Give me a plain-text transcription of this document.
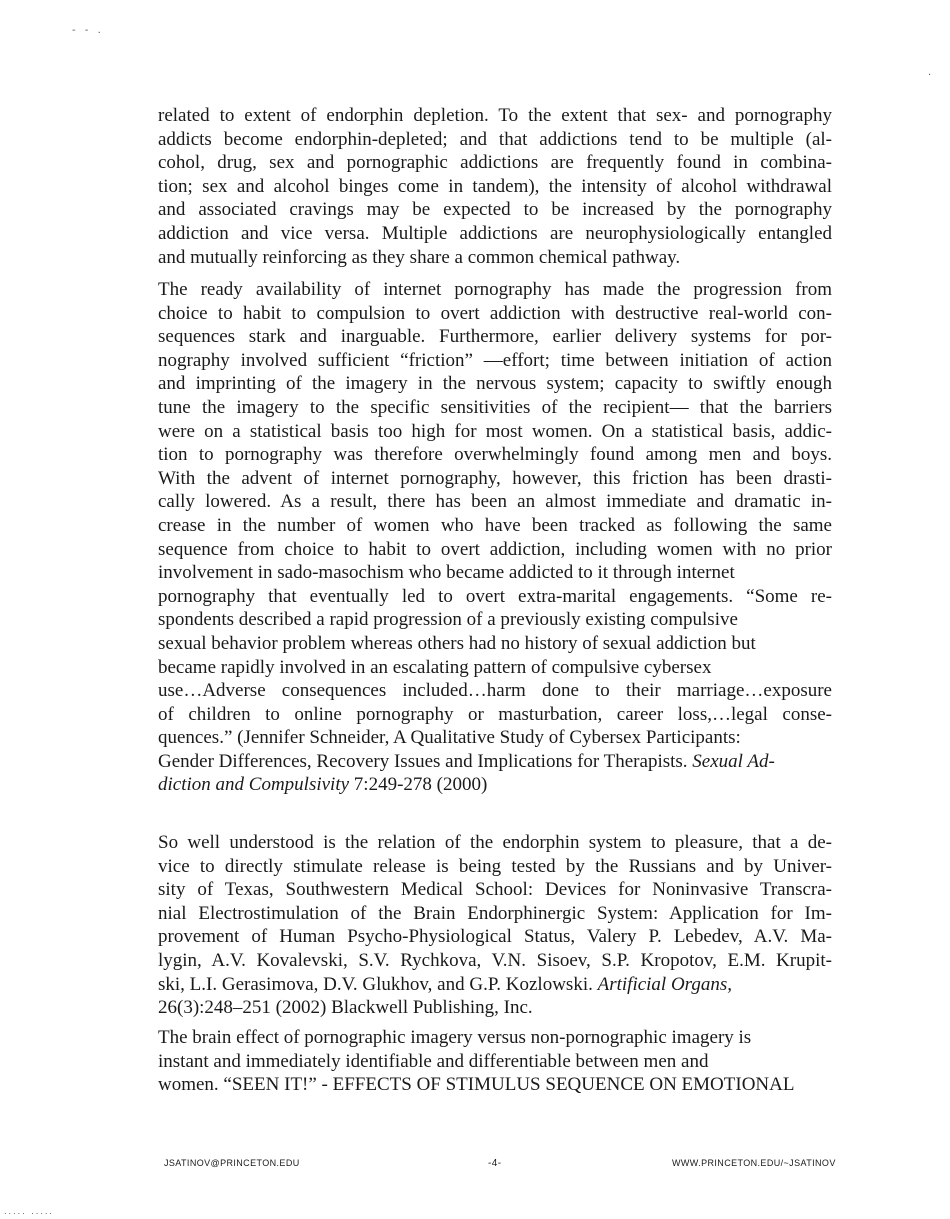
‐ ‐ .
.
..... .....

related to extent of endorphin depletion. To the extent that sex- and pornography
addicts become endorphin-depleted; and that addictions tend to be multiple (al-
cohol, drug, sex and pornographic addictions are frequently found in combina-
tion; sex and alcohol binges come in tandem), the intensity of alcohol withdrawal
and associated cravings may be expected to be increased by the pornography
addiction and vice versa. Multiple addictions are neurophysiologically entangled
and mutually reinforcing as they share a common chemical pathway.

The ready availability of internet pornography has made the progression from
choice to habit to compulsion to overt addiction with destructive real-world con-
sequences stark and inarguable. Furthermore, earlier delivery systems for por-
nography involved sufficient “friction” —effort; time between initiation of action
and imprinting of the imagery in the nervous system; capacity to swiftly enough
tune the imagery to the specific sensitivities of the recipient— that the barriers
were on a statistical basis too high for most women. On a statistical basis, addic-
tion to pornography was therefore overwhelmingly found among men and boys.
With the advent of internet pornography, however, this friction has been drasti-
cally lowered. As a result, there has been an almost immediate and dramatic in-
crease in the number of women who have been tracked as following the same
sequence from choice to habit to overt addiction, including women with no prior
involvement in sado-masochism who became addicted to it through internet
pornography that eventually led to overt extra-marital engagements. “Some re-
spondents described a rapid progression of a previously existing compulsive
sexual behavior problem whereas others had no history of sexual addiction but
became rapidly involved in an escalating pattern of compulsive cybersex
use…Adverse consequences included…harm done to their marriage…exposure
of children to online pornography or masturbation, career loss,…legal conse-
quences.” (Jennifer Schneider, A Qualitative Study of Cybersex Participants:
Gender Differences, Recovery Issues and Implications for Therapists. Sexual Ad-
diction and Compulsivity 7:249-278 (2000)

So well understood is the relation of the endorphin system to pleasure, that a de-
vice to directly stimulate release is being tested by the Russians and by Univer-
sity of Texas, Southwestern Medical School: Devices for Noninvasive Transcra-
nial Electrostimulation of the Brain Endorphinergic System: Application for Im-
provement of Human Psycho-Physiological Status, Valery P. Lebedev, A.V. Ma-
lygin, A.V. Kovalevski, S.V. Rychkova, V.N. Sisoev, S.P. Kropotov, E.M. Krupit-
ski, L.I. Gerasimova, D.V. Glukhov, and G.P. Kozlowski. Artificial Organs,
26(3):248–251 (2002) Blackwell Publishing, Inc.

The brain effect of pornographic imagery versus non-pornographic imagery is
instant and immediately identifiable and differentiable between men and
women. “SEEN IT!” - EFFECTS OF STIMULUS SEQUENCE ON EMOTIONAL

JSATINOV@PRINCETON.EDU	-4-	WWW.PRINCETON.EDU/~JSATINOV
